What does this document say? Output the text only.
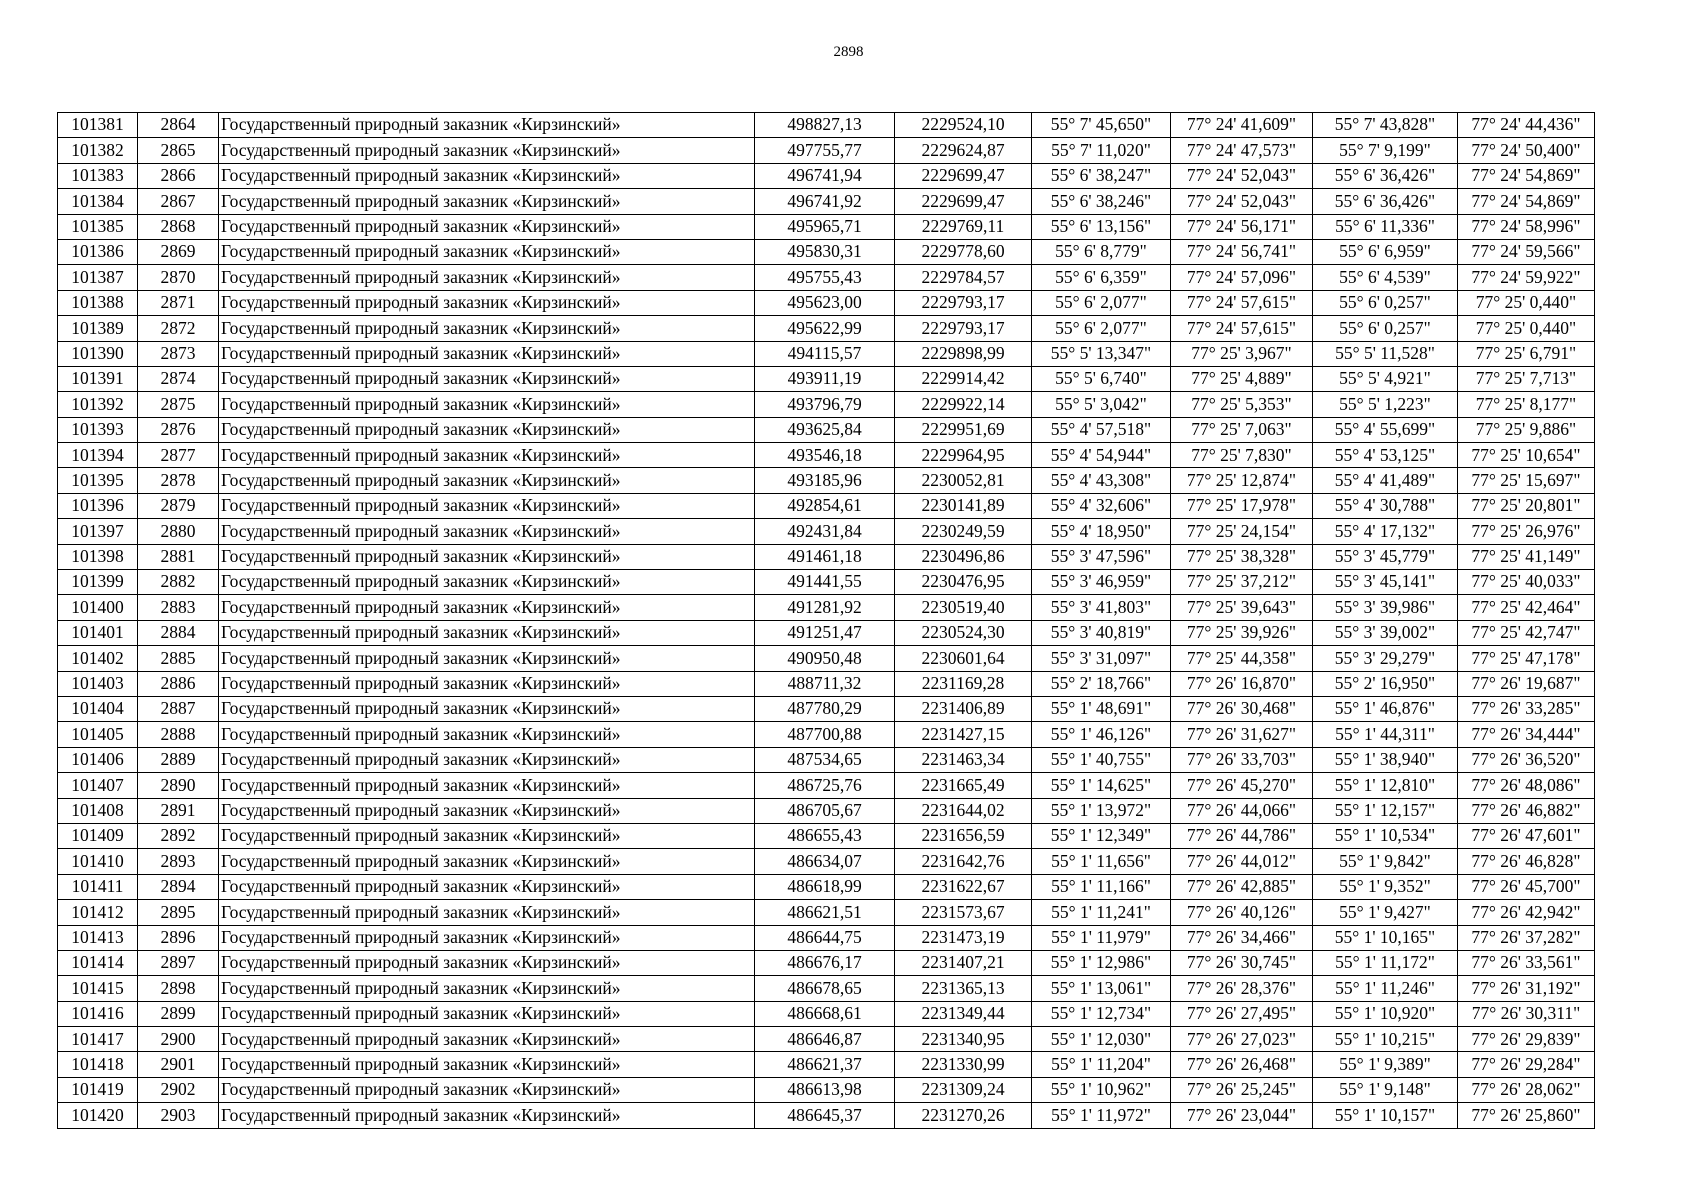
2898
101381	2864	Государственный природный заказник «Кирзинский»	498827,13	2229524,10	55° 7' 45,650"	77° 24' 41,609"	55° 7' 43,828"	77° 24' 44,436"
101382	2865	Государственный природный заказник «Кирзинский»	497755,77	2229624,87	55° 7' 11,020"	77° 24' 47,573"	55° 7' 9,199"	77° 24' 50,400"
101383	2866	Государственный природный заказник «Кирзинский»	496741,94	2229699,47	55° 6' 38,247"	77° 24' 52,043"	55° 6' 36,426"	77° 24' 54,869"
101384	2867	Государственный природный заказник «Кирзинский»	496741,92	2229699,47	55° 6' 38,246"	77° 24' 52,043"	55° 6' 36,426"	77° 24' 54,869"
101385	2868	Государственный природный заказник «Кирзинский»	495965,71	2229769,11	55° 6' 13,156"	77° 24' 56,171"	55° 6' 11,336"	77° 24' 58,996"
101386	2869	Государственный природный заказник «Кирзинский»	495830,31	2229778,60	55° 6' 8,779"	77° 24' 56,741"	55° 6' 6,959"	77° 24' 59,566"
101387	2870	Государственный природный заказник «Кирзинский»	495755,43	2229784,57	55° 6' 6,359"	77° 24' 57,096"	55° 6' 4,539"	77° 24' 59,922"
101388	2871	Государственный природный заказник «Кирзинский»	495623,00	2229793,17	55° 6' 2,077"	77° 24' 57,615"	55° 6' 0,257"	77° 25' 0,440"
101389	2872	Государственный природный заказник «Кирзинский»	495622,99	2229793,17	55° 6' 2,077"	77° 24' 57,615"	55° 6' 0,257"	77° 25' 0,440"
101390	2873	Государственный природный заказник «Кирзинский»	494115,57	2229898,99	55° 5' 13,347"	77° 25' 3,967"	55° 5' 11,528"	77° 25' 6,791"
101391	2874	Государственный природный заказник «Кирзинский»	493911,19	2229914,42	55° 5' 6,740"	77° 25' 4,889"	55° 5' 4,921"	77° 25' 7,713"
101392	2875	Государственный природный заказник «Кирзинский»	493796,79	2229922,14	55° 5' 3,042"	77° 25' 5,353"	55° 5' 1,223"	77° 25' 8,177"
101393	2876	Государственный природный заказник «Кирзинский»	493625,84	2229951,69	55° 4' 57,518"	77° 25' 7,063"	55° 4' 55,699"	77° 25' 9,886"
101394	2877	Государственный природный заказник «Кирзинский»	493546,18	2229964,95	55° 4' 54,944"	77° 25' 7,830"	55° 4' 53,125"	77° 25' 10,654"
101395	2878	Государственный природный заказник «Кирзинский»	493185,96	2230052,81	55° 4' 43,308"	77° 25' 12,874"	55° 4' 41,489"	77° 25' 15,697"
101396	2879	Государственный природный заказник «Кирзинский»	492854,61	2230141,89	55° 4' 32,606"	77° 25' 17,978"	55° 4' 30,788"	77° 25' 20,801"
101397	2880	Государственный природный заказник «Кирзинский»	492431,84	2230249,59	55° 4' 18,950"	77° 25' 24,154"	55° 4' 17,132"	77° 25' 26,976"
101398	2881	Государственный природный заказник «Кирзинский»	491461,18	2230496,86	55° 3' 47,596"	77° 25' 38,328"	55° 3' 45,779"	77° 25' 41,149"
101399	2882	Государственный природный заказник «Кирзинский»	491441,55	2230476,95	55° 3' 46,959"	77° 25' 37,212"	55° 3' 45,141"	77° 25' 40,033"
101400	2883	Государственный природный заказник «Кирзинский»	491281,92	2230519,40	55° 3' 41,803"	77° 25' 39,643"	55° 3' 39,986"	77° 25' 42,464"
101401	2884	Государственный природный заказник «Кирзинский»	491251,47	2230524,30	55° 3' 40,819"	77° 25' 39,926"	55° 3' 39,002"	77° 25' 42,747"
101402	2885	Государственный природный заказник «Кирзинский»	490950,48	2230601,64	55° 3' 31,097"	77° 25' 44,358"	55° 3' 29,279"	77° 25' 47,178"
101403	2886	Государственный природный заказник «Кирзинский»	488711,32	2231169,28	55° 2' 18,766"	77° 26' 16,870"	55° 2' 16,950"	77° 26' 19,687"
101404	2887	Государственный природный заказник «Кирзинский»	487780,29	2231406,89	55° 1' 48,691"	77° 26' 30,468"	55° 1' 46,876"	77° 26' 33,285"
101405	2888	Государственный природный заказник «Кирзинский»	487700,88	2231427,15	55° 1' 46,126"	77° 26' 31,627"	55° 1' 44,311"	77° 26' 34,444"
101406	2889	Государственный природный заказник «Кирзинский»	487534,65	2231463,34	55° 1' 40,755"	77° 26' 33,703"	55° 1' 38,940"	77° 26' 36,520"
101407	2890	Государственный природный заказник «Кирзинский»	486725,76	2231665,49	55° 1' 14,625"	77° 26' 45,270"	55° 1' 12,810"	77° 26' 48,086"
101408	2891	Государственный природный заказник «Кирзинский»	486705,67	2231644,02	55° 1' 13,972"	77° 26' 44,066"	55° 1' 12,157"	77° 26' 46,882"
101409	2892	Государственный природный заказник «Кирзинский»	486655,43	2231656,59	55° 1' 12,349"	77° 26' 44,786"	55° 1' 10,534"	77° 26' 47,601"
101410	2893	Государственный природный заказник «Кирзинский»	486634,07	2231642,76	55° 1' 11,656"	77° 26' 44,012"	55° 1' 9,842"	77° 26' 46,828"
101411	2894	Государственный природный заказник «Кирзинский»	486618,99	2231622,67	55° 1' 11,166"	77° 26' 42,885"	55° 1' 9,352"	77° 26' 45,700"
101412	2895	Государственный природный заказник «Кирзинский»	486621,51	2231573,67	55° 1' 11,241"	77° 26' 40,126"	55° 1' 9,427"	77° 26' 42,942"
101413	2896	Государственный природный заказник «Кирзинский»	486644,75	2231473,19	55° 1' 11,979"	77° 26' 34,466"	55° 1' 10,165"	77° 26' 37,282"
101414	2897	Государственный природный заказник «Кирзинский»	486676,17	2231407,21	55° 1' 12,986"	77° 26' 30,745"	55° 1' 11,172"	77° 26' 33,561"
101415	2898	Государственный природный заказник «Кирзинский»	486678,65	2231365,13	55° 1' 13,061"	77° 26' 28,376"	55° 1' 11,246"	77° 26' 31,192"
101416	2899	Государственный природный заказник «Кирзинский»	486668,61	2231349,44	55° 1' 12,734"	77° 26' 27,495"	55° 1' 10,920"	77° 26' 30,311"
101417	2900	Государственный природный заказник «Кирзинский»	486646,87	2231340,95	55° 1' 12,030"	77° 26' 27,023"	55° 1' 10,215"	77° 26' 29,839"
101418	2901	Государственный природный заказник «Кирзинский»	486621,37	2231330,99	55° 1' 11,204"	77° 26' 26,468"	55° 1' 9,389"	77° 26' 29,284"
101419	2902	Государственный природный заказник «Кирзинский»	486613,98	2231309,24	55° 1' 10,962"	77° 26' 25,245"	55° 1' 9,148"	77° 26' 28,062"
101420	2903	Государственный природный заказник «Кирзинский»	486645,37	2231270,26	55° 1' 11,972"	77° 26' 23,044"	55° 1' 10,157"	77° 26' 25,860"
